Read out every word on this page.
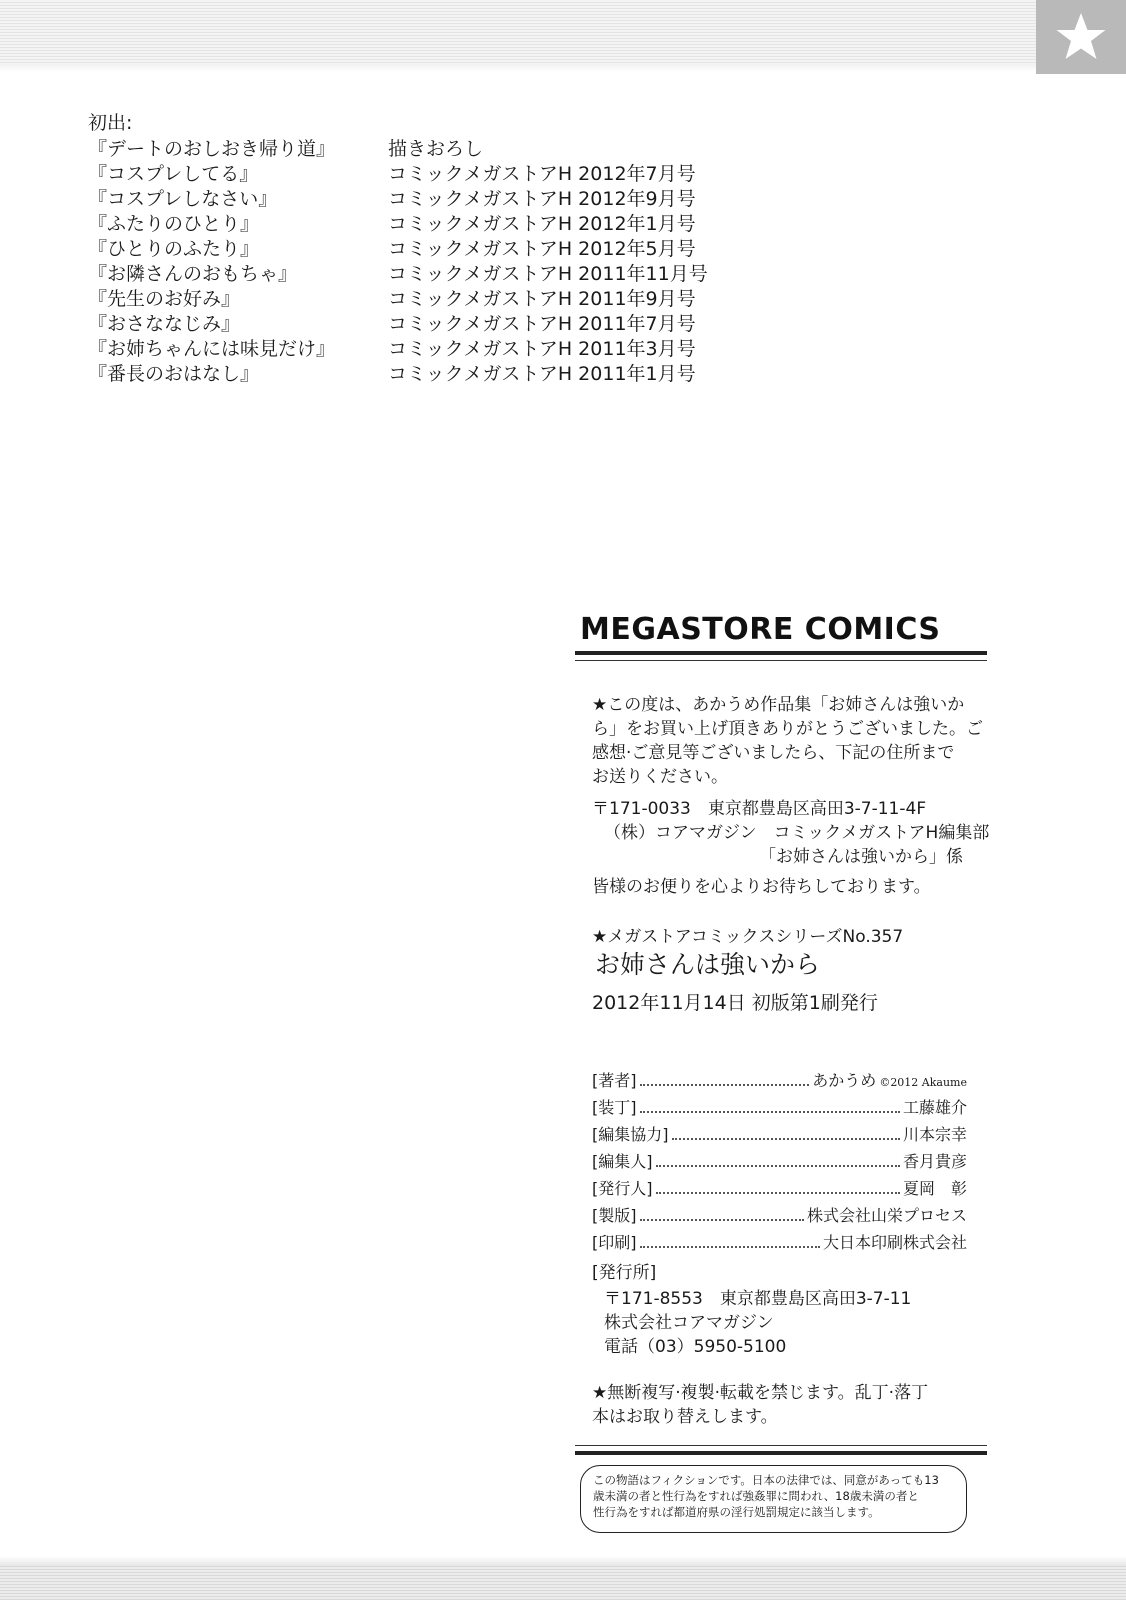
初出:
『デートのおしおき帰り道』	描きおろし
『コスプレしてる』	コミックメガストアH 2012年7月号
『コスプレしなさい』	コミックメガストアH 2012年9月号
『ふたりのひとり』	コミックメガストアH 2012年1月号
『ひとりのふたり』	コミックメガストアH 2012年5月号
『お隣さんのおもちゃ』	コミックメガストアH 2011年11月号
『先生のお好み』	コミックメガストアH 2011年9月号
『おさななじみ』	コミックメガストアH 2011年7月号
『お姉ちゃんには味見だけ』	コミックメガストアH 2011年3月号
『番長のおはなし』	コミックメガストアH 2011年1月号
MEGASTORE COMICS
★この度は、あかうめ作品集「お姉さんは強いか
ら」をお買い上げ頂きありがとうございました。ご
感想·ご意見等ございましたら、下記の住所まで
お送りください。
〒171-0033　東京都豊島区高田3-7-11-4F
（株）コアマガジン　コミックメガストアH編集部
「お姉さんは強いから」係
皆様のお便りを心よりお待ちしております。
★メガストアコミックスシリーズNo.357
お姉さんは強いから
2012年11月14日 初版第1刷発行
[著者]	あかうめ ©2012 Akaume
[装丁]	工藤雄介
[編集協力]	川本宗幸
[編集人]	香月貴彦
[発行人]	夏岡　彰
[製版]	株式会社山栄プロセス
[印刷]	大日本印刷株式会社
[発行所]
〒171-8553　東京都豊島区高田3-7-11
株式会社コアマガジン
電話（03）5950-5100
★無断複写·複製·転載を禁じます。乱丁·落丁
本はお取り替えします。
この物語はフィクションです。日本の法律では、同意があっても13
歳未満の者と性行為をすれば強姦罪に問われ、18歳未満の者と
性行為をすれば都道府県の淫行処罰規定に該当します。
